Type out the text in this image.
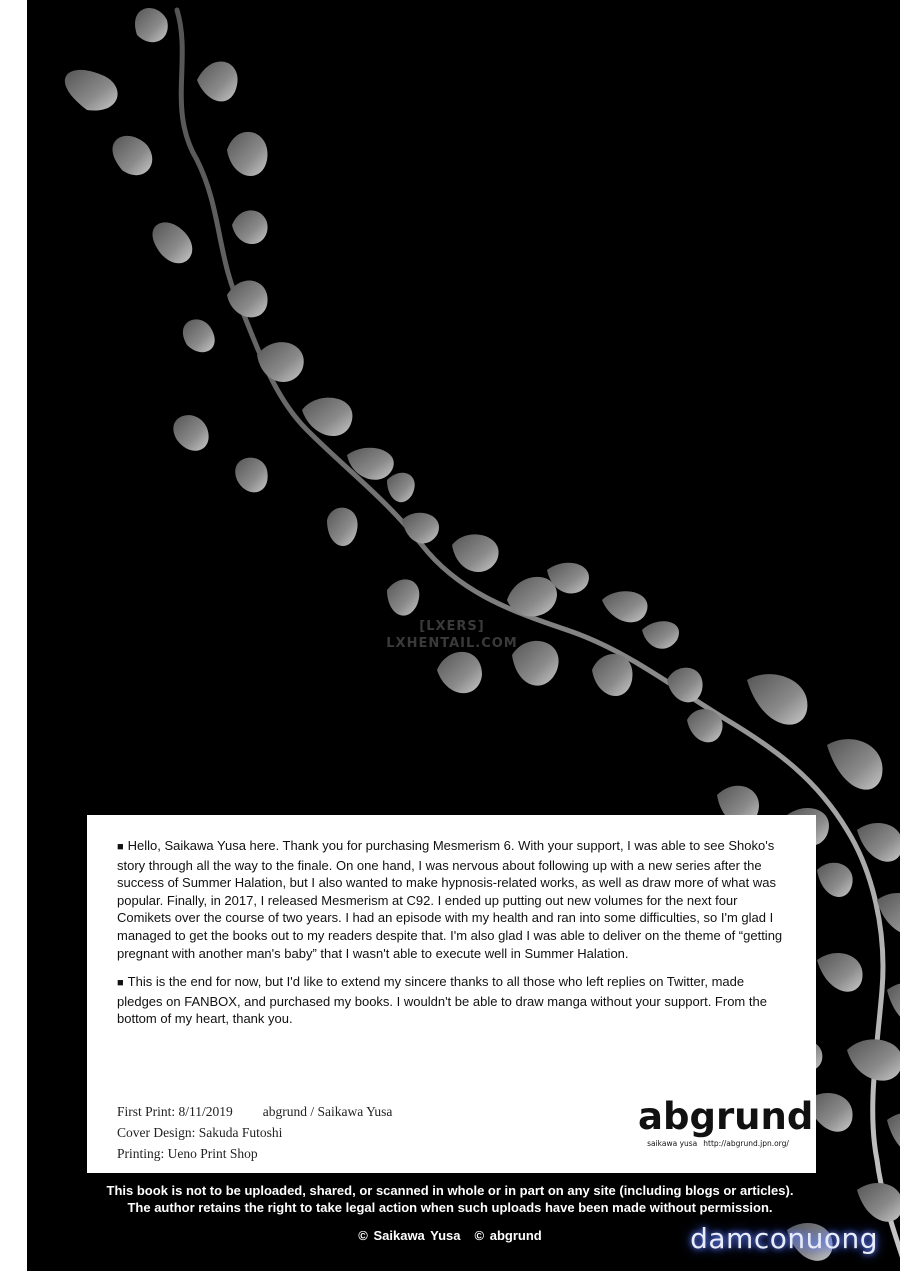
[LXERS]
LXHENTAIL.COM

■ Hello, Saikawa Yusa here. Thank you for purchasing Mesmerism 6. With your support, I was able to see Shoko's story through all the way to the finale. On one hand, I was nervous about following up with a new series after the success of Summer Halation, but I also wanted to make hypnosis-related works, as well as draw more of what was popular. Finally, in 2017, I released Mesmerism at C92. I ended up putting out new volumes for the next four Comikets over the course of two years. I had an episode with my health and ran into some difficulties, so I'm glad I managed to get the books out to my readers despite that. I'm also glad I was able to deliver on the theme of “getting pregnant with another man's baby” that I wasn't able to execute well in Summer Halation.

■ This is the end for now, but I'd like to extend my sincere thanks to all those who left replies on Twitter, made pledges on FANBOX, and purchased my books. I wouldn't be able to draw manga without your support. From the bottom of my heart, thank you.

First Print: 8/11/2019 abgrund / Saikawa Yusa
Cover Design: Sakuda Futoshi
Printing: Ueno Print Shop
abgrund
saikawa yusa http://abgrund.jpn.org/
This book is not to be uploaded, shared, or scanned in whole or in part on any site (including blogs or articles).
The author retains the right to take legal action when such uploads have been made without permission.
© Saikawa Yusa © abgrund	damconuong
